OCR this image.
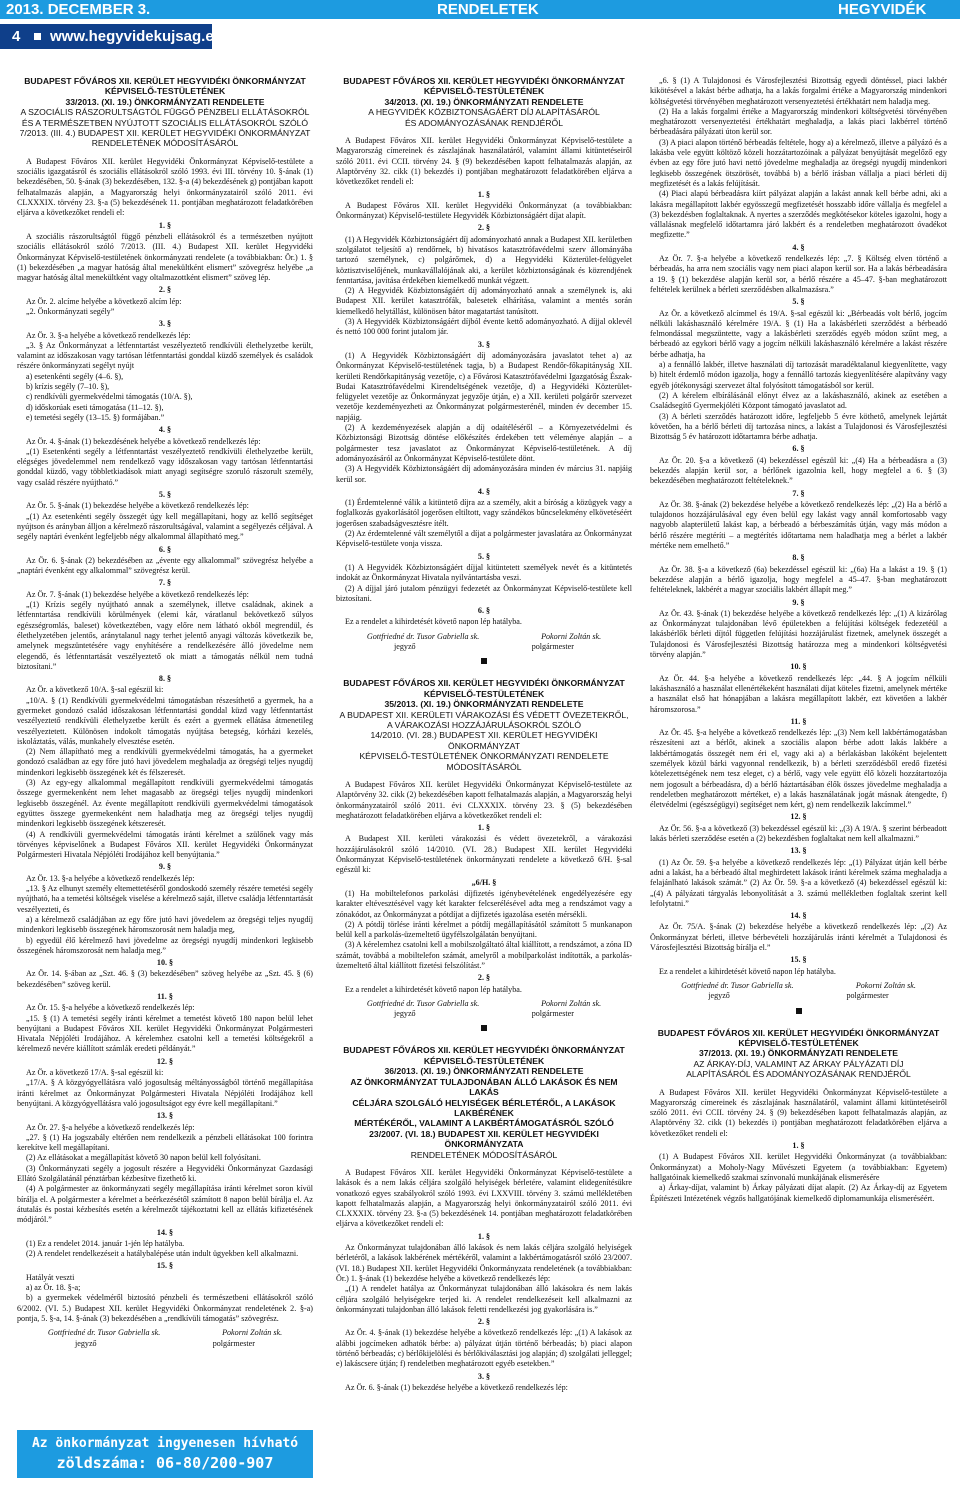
2013. DECEMBER 3.	RENDELETEK	HEGYVIDÉK
4 www.hegyvidekujsag.eu
BUDAPEST FŐVÁROS XII. KERÜLET HEGYVIDÉKI ÖNKORMÁNYZAT
KÉPVISELŐ-TESTÜLETÉNEK
33/2013. (XI. 19.) ÖNKORMÁNYZATI RENDELETE
A SZOCIÁLIS RÁSZORULTSÁGTÓL FÜGGŐ PÉNZBELI ELLÁTÁSOKRÓL
ÉS A TERMÉSZETBEN NYÚJTOTT SZOCIÁLIS ELLÁTÁSOKRÓL SZÓLÓ
7/2013. (III. 4.) BUDAPEST XII. KERÜLET HEGYVIDÉKI ÖNKORMÁNYZAT
RENDELETÉNEK MÓDOSÍTÁSÁRÓL

A Budapest Főváros XII. kerület Hegyvidéki Önkormányzat Képviselő-testülete a szociális igazgatásról és szociális ellátásokról szóló 1993. évi III. törvény 10. §-ának (1) bekezdésében, 50. §-ának (3) bekezdésében, 132. §-a (4) bekezdésének g) pontjában kapott felhatalmazás alapján, a Magyarország helyi önkormányzatairól szóló 2011. évi CLXXXIX. törvény 23. §-a (5) bekezdésének 11. pontjában meghatározott feladatkörében eljárva a következőket rendeli el:

1. §

A szociális rászorultságtól függő pénzbeli ellátásokról és a természetben nyújtott szociális ellátásokról szóló 7/2013. (III. 4.) Budapest XII. kerület Hegyvidéki Önkormányzat Képviselő-testületének önkormányzati rendelete (a továbbiakban: Ör.) 1. § (1) bekezdésében „a magyar hatóság által menekültként elismert” szövegrész helyébe „a magyar hatóság által menekültként vagy oltalmazottként elismert” szöveg lép.

2. §

Az Ör. 2. alcíme helyébe a következő alcím lép:

„2. Önkormányzati segély”

3. §

Az Ör. 3. §-a helyébe a következő rendelkezés lép:

„3. § Az Önkormányzat a létfenntartást veszélyeztető rendkívüli élethelyzetbe került, valamint az időszakosan vagy tartósan létfenntartási gonddal küzdő személyek és családok részére önkormányzati segélyt nyújt

a) esetenkénti segély (4–6. §),

b) krízis segély (7–10. §),

c) rendkívüli gyermekvédelmi támogatás (10/A. §),

d) időskorúak eseti támogatása (11–12. §),

e) temetési segély (13–15. §) formájában.”

4. §

Az Ör. 4. §-ának (1) bekezdésének helyébe a következő rendelkezés lép:

„(1) Esetenkénti segély a létfenntartást veszélyeztető rendkívüli élethelyzetbe került, elégséges jövedelemmel nem rendelkező vagy időszakosan vagy tartósan létfenntartási gonddal küzdő, vagy többletkiadások miatt anyagi segítségre szoruló rászorult személy, vagy család részére nyújtható.”

5. §

Az Ör. 5. §-ának (1) bekezdése helyébe a következő rendelkezés lép:

„(1) Az esetenkénti segély összegét úgy kell megállapítani, hogy az kellő segítséget nyújtson és arányban álljon a kérelmező rászorultságával, valamint a segélyezés céljával. A segély naptári évenként legfeljebb négy alkalommal állapítható meg.”

6. §

Az Ör. 6. §-ának (2) bekezdésében az „évente egy alkalommal” szövegrész helyébe a „naptári évenként egy alkalommal” szövegrész kerül.

7. §

Az Ör. 7. §-ának (1) bekezdése helyébe a következő rendelkezés lép:

„(1) Krízis segély nyújtható annak a személynek, illetve családnak, akinek a létfenntartása rendkívüli körülmények (elemi kár, váratlanul bekövetkező súlyos egészségromlás, baleset) következtében, vagy előre nem látható okból megrendül, és élethelyzetében jelentős, aránytalanul nagy terhet jelentő anyagi változás következik be, amelynek megszüntetésére vagy enyhítésére a rendelkezésére álló jövedelme nem elegendő, és létfenntartását veszélyeztető ok miatt a támogatás nélkül nem tudná biztosítani.”

8. §

Az Ör. a következő 10/A. §-sal egészül ki:

„10/A. § (1) Rendkívüli gyermekvédelmi támogatásban részesíthető a gyermek, ha a gyermeket gondozó család időszakosan létfenntartási gonddal küzd vagy létfenntartást veszélyeztető rendkívüli élethelyzetbe került és ezért a gyermek ellátása átmenetileg veszélyeztetett. Különösen indokolt támogatás nyújtása betegség, kórházi kezelés, iskoláztatás, válás, munkahely elvesztése esetén.

(2) Nem állapítható meg a rendkívüli gyermekvédelmi támogatás, ha a gyermeket gondozó családban az egy főre jutó havi jövedelem meghaladja az öregségi teljes nyugdíj mindenkori legkisebb összegének két és félszeresét.

(3) Az egy-egy alkalommal megállapított rendkívüli gyermekvédelmi támogatás összege gyermekenként nem lehet magasabb az öregségi teljes nyugdíj mindenkori legkisebb összegénél. Az évente megállapított rendkívüli gyermekvédelmi támogatások együttes összege gyermekenként nem haladhatja meg az öregségi teljes nyugdíj mindenkori legkisebb összegének kétszeresét.

(4) A rendkívüli gyermekvédelmi támogatás iránti kérelmet a szülőnek vagy más törvényes képviselőnek a Budapest Főváros XII. kerület Hegyvidéki Önkormányzat Polgármesteri Hivatala Népjóléti Irodájához kell benyújtania.”

9. §

Az Ör. 13. §-a helyébe a következő rendelkezés lép:

„13. § Az elhunyt személy eltemettetéséről gondoskodó személy részére temetési segély nyújtható, ha a temetési költségek viselése a kérelmező saját, illetve családja létfenntartását veszélyezteti, és

a) a kérelmező családjában az egy főre jutó havi jövedelem az öregségi teljes nyugdíj mindenkori legkisebb összegének háromszorosát nem haladja meg,

b) egyedül élő kérelmező havi jövedelme az öregségi nyugdíj mindenkori legkisebb összegének háromszorosát nem haladja meg.”

10. §

Az Ör. 14. §-ában az „Szt. 46. § (3) bekezdésében” szöveg helyébe az „Szt. 45. § (6) bekezdésében” szöveg kerül.

11. §

Az Ör. 15. §-a helyébe a következő rendelkezés lép:

„15. § (1) A temetési segély iránti kérelmet a temetést követő 180 napon belül lehet benyújtani a Budapest Főváros XII. kerület Hegyvidéki Önkormányzat Polgármesteri Hivatala Népjóléti Irodájához. A kérelemhez csatolni kell a temetési költségekről a kérelmező nevére kiállított számlák eredeti példányát.”

12. §

Az Ör. a következő 17/A. §-sal egészül ki:

„17/A. § A közgyógyellátásra való jogosultság méltányosságból történő megállapítása iránti kérelmet az Önkormányzat Polgármesteri Hivatala Népjóléti Irodájához kell benyújtani. A közgyógyellátásra való jogosultságot egy évre kell megállapítani.”

13. §

Az Ör. 27. §-a helyébe a következő rendelkezés lép:

„27. § (1) Ha jogszabály eltérően nem rendelkezik a pénzbeli ellátásokat 100 forintra kerekítve kell megállapítani.

(2) Az ellátásokat a megállapítást követő 30 napon belül kell folyósítani.

(3) Önkormányzati segély a jogosult részére a Hegyvidéki Önkormányzat Gazdasági Ellátó Szolgálatánál pénztárban kézbesítve fizethető ki.

(4) A polgármester az önkormányzati segély megállapítása iránti kérelmet soron kívül bírálja el. A polgármester a kérelmet a beérkezésétől számított 8 napon belül bírálja el. Az átutalás és postai kézbesítés esetén a kérelmezőt tájékoztatni kell az ellátás kifizetésének módjáról.”

14. §

(1) Ez a rendelet 2014. január 1-jén lép hatályba.

(2) A rendelet rendelkezéseit a hatálybalépése után indult ügyekben kell alkalmazni.

15. §

Hatályát veszti

a) az Ör. 18. §-a;

b) a gyermekek védelméről biztosító pénzbeli és természetbeni ellátásokról szóló 6/2002. (VI. 5.) Budapest XII. kerület Hegyvidéki Önkormányzat rendeletének 2. §-a) pontja, 5. §-a, 14. §-ának (3) bekezdésében a „rendkívüli támogatás” szövegrész.

Gottfriedné dr. Tusor Gabriella sk.	Pokorni Zoltán sk.
jegyző	polgármester
Az önkormányzat ingyenesen hívható
zöldszáma: 06-80/200-907
BUDAPEST FŐVÁROS XII. KERÜLET HEGYVIDÉKI ÖNKORMÁNYZAT
KÉPVISELŐ-TESTÜLETÉNEK
34/2013. (XI. 19.) ÖNKORMÁNYZATI RENDELETE
A HEGYVIDÉK KÖZBIZTONSÁGÁÉRT DÍJ ALAPÍTÁSÁRÓL
ÉS ADOMÁNYOZÁSÁNAK RENDJÉRŐL

A Budapest Főváros XII. kerület Hegyvidéki Önkormányzat Képviselő-testülete a Magyarország címereinek és zászlajának használatáról, valamint állami kitüntetéseiről szóló 2011. évi CCII. törvény 24. § (9) bekezdésében kapott felhatalmazás alapján, az Alaptörvény 32. cikk (1) bekezdés i) pontjában meghatározott feladatkörében eljárva a következőket rendeli el:

1. §

A Budapest Főváros XII. kerület Hegyvidéki Önkormányzat (a továbbiakban: Önkormányzat) Képviselő-testülete Hegyvidék Közbiztonságáért díjat alapít.

2. §

(1) A Hegyvidék Közbiztonságáért díj adományozható annak a Budapest XII. kerületben szolgálatot teljesítő a) rendőrnek, b) hivatásos katasztrófavédelmi szerv állományába tartozó személynek, c) polgárőrnek, d) a Hegyvidéki Közterület-felügyelet köztisztviselőjének, munkavállalójának aki, a kerület közbiztonságának és közrendjének fenntartása, javítása érdekében kiemelkedő munkát végzett.

(2) A Hegyvidék Közbiztonságáért díj adományozható annak a személynek is, aki Budapest XII. kerület katasztrófák, balesetek elhárítása, valamint a mentés során kiemelkedő helytállást, különösen bátor magatartást tanúsított.

(3) A Hegyvidék Közbiztonságáért díjból évente kettő adományozható. A díjjal oklevél és nettó 100 000 forint jutalom jár.

3. §

(1) A Hegyvidék Közbiztonságáért díj adományozására javaslatot tehet a) az Önkormányzat Képviselő-testületének tagja, b) a Budapest Rendőr-főkapitányság XII. kerületi Rendőrkapitányság vezetője, c) a Fővárosi Katasztrófavédelmi Igazgatóság Észak-Budai Katasztrófavédelmi Kirendeltségének vezetője, d) a Hegyvidéki Közterület-felügyelet vezetője az Önkormányzat jegyzője útján, e) a XII. kerületi polgárőr szervezet vezetője kezdeményezheti az Önkormányzat polgármesterénél, minden év december 15. napjáig.

(2) A kezdeményezések alapján a díj odaítéléséről – a Környezetvédelmi és Közbiztonsági Bizottság döntése előkészítés érdekében tett véleménye alapján – a polgármester tesz javaslatot az Önkormányzat Képviselő-testületének. A díj adományozásáról az Önkormányzat Képviselő-testülete dönt.

(3) A Hegyvidék Közbiztonságáért díj adományozására minden év március 31. napjáig kerül sor.

4. §

(1) Érdemtelenné válik a kitüntető díjra az a személy, akit a bíróság a közügyek vagy a foglalkozás gyakorlásától jogerősen eltiltott, vagy szándékos bűncselekmény elkövetéséért jogerősen szabadságvesztésre ítélt.

(2) Az érdemtelenné vált személytől a díjat a polgármester javaslatára az Önkormányzat Képviselő-testülete vonja vissza.

5. §

(1) A Hegyvidék Közbiztonságáért díjjal kitüntetett személyek nevét és a kitüntetés indokát az Önkormányzat Hivatala nyilvántartásba veszi.

(2) A díjjal járó jutalom pénzügyi fedezetét az Önkormányzat Képviselő-testülete kell biztosítani.

6. §

Ez a rendelet a kihirdetését követő napon lép hatályba.

Gottfriedné dr. Tusor Gabriella sk.	Pokorni Zoltán sk.
jegyző	polgármester
BUDAPEST FŐVÁROS XII. KERÜLET HEGYVIDÉKI ÖNKORMÁNYZAT
KÉPVISELŐ-TESTÜLETÉNEK
35/2013. (XI. 19.) ÖNKORMÁNYZATI RENDELETE
A BUDAPEST XII. KERÜLETI VÁRAKOZÁSI ÉS VÉDETT ÖVEZETEKRŐL,
A VÁRAKOZÁSI HOZZÁJÁRULÁSOKRÓL SZÓLÓ
14/2010. (VI. 28.) BUDAPEST XII. KERÜLET HEGYVIDÉKI ÖNKORMÁNYZAT
KÉPVISELŐ-TESTÜLETÉNEK ÖNKORMÁNYZATI RENDELETE MÓDOSÍTÁSÁRÓL

A Budapest Főváros XII. kerület Hegyvidéki Önkormányzat Képviselő-testülete az Alaptörvény 32. cikk (2) bekezdésében kapott felhatalmazás alapján, a Magyarország helyi önkormányzatairól szóló 2011. évi CLXXXIX. törvény 23. § (5) bekezdésében meghatározott feladatkörében eljárva a következőket rendeli el:

1. §

A Budapest XII. kerületi várakozási és védett övezetekről, a várakozási hozzájárulásokról szóló 14/2010. (VI. 28.) Budapest XII. kerület Hegyvidéki Önkormányzat Képviselő-testületének önkormányzati rendelete a következő 6/H. §-sal egészül ki:

„6/H. §

(1) Ha mobiltelefonos parkolási díjfizetés igénybevételének engedélyezésére egy karakter eltévesztésével vagy két karakter felcserélésével adta meg a rendszámot vagy a zónakódot, az Önkormányzat a pótdíjat a díjfizetés igazolása esetén mérsékli.

(2) A pótdíj törlése iránti kérelmet a pótdíj megállapításától számított 5 munkanapon belül kell a parkolás-üzemeltető ügyfélszolgálatán benyújtani.

(3) A kérelemhez csatolni kell a mobilszolgáltató által kiállított, a rendszámot, a zóna ID számát, továbbá a mobiltelefon számát, amelyről a mobilparkolást indították, a parkolás-üzemeltető által kiállított fizetési felszólítást.”

2. §

Ez a rendelet a kihirdetését követő napon lép hatályba.

Gottfriedné dr. Tusor Gabriella sk.	Pokorni Zoltán sk.
jegyző	polgármester
BUDAPEST FŐVÁROS XII. KERÜLET HEGYVIDÉKI ÖNKORMÁNYZAT
KÉPVISELŐ-TESTÜLETÉNEK
36/2013. (XI. 19.) ÖNKORMÁNYZATI RENDELETE
AZ ÖNKORMÁNYZAT TULAJDONÁBAN ÁLLÓ LAKÁSOK ÉS NEM LAKÁS
CÉLJÁRA SZOLGÁLÓ HELYISÉGEK BÉRLETÉRŐL, A LAKÁSOK LAKBÉRÉNEK
MÉRTÉKÉRŐL, VALAMINT A LAKBÉRTÁMOGATÁSRÓL SZÓLÓ
23/2007. (VI. 18.) BUDAPEST XII. KERÜLET HEGYVIDÉKI ÖNKORMÁNYZATA
RENDELETÉNEK MÓDOSÍTÁSÁRÓL

A Budapest Főváros XII. kerület Hegyvidéki Önkormányzat Képviselő-testülete a lakások és a nem lakás céljára szolgáló helyiségek bérletére, valamint elidegenítésükre vonatkozó egyes szabályokról szóló 1993. évi LXXVIII. törvény 3. számú mellékletében kapott felhatalmazás alapján, a Magyarország helyi önkormányzatairól szóló 2011. évi CLXXXIX. törvény 23. §-a (5) bekezdésének 14. pontjában meghatározott feladatkörében eljárva a következőket rendeli el:

1. §

Az Önkormányzat tulajdonában álló lakások és nem lakás céljára szolgáló helyiségek bérletéről, a lakások lakbérének mértékéről, valamint a lakbértámogatásról szóló 23/2007. (VI. 18.) Budapest XII. kerület Hegyvidéki Önkormányzata rendeletének (a továbbiakban: Ör.) 1. §-ának (1) bekezdése helyébe a következő rendelkezés lép:

„(1) A rendelet hatálya az Önkormányzat tulajdonában álló lakásokra és nem lakás céljára szolgáló helyiségekre terjed ki. A rendelet rendelkezéseit kell alkalmazni az önkormányzati tulajdonban álló lakások feletti rendelkezési jog gyakorlására is.”

2. §

Az Ör. 4. §-ának (1) bekezdése helyébe a következő rendelkezés lép: „(1) A lakások az alábbi jogcímeken adhatók bérbe: a) pályázat útján történő bérbeadás; b) piaci alapon történő bérbeadás; c) bérlőkijelölési és bérlőkiválasztási jog alapján; d) szolgálati jelleggel; e) lakáscsere útján; f) rendeletben meghatározott egyéb esetekben.”

3. §

Az Ör. 6. §-ának (1) bekezdése helyébe a következő rendelkezés lép:

„6. § (1) A Tulajdonosi és Városfejlesztési Bizottság egyedi döntéssel, piaci lakbér kikötésével a lakást bérbe adhatja, ha a lakás forgalmi értéke a Magyarország mindenkori költségvetési törvényében meghatározott versenyeztetési értékhatárt nem haladja meg.

(2) Ha a lakás forgalmi értéke a Magyarország mindenkori költségvetési törvényében meghatározott versenyeztetési értékhatárt meghaladja, a lakás piaci lakbérrel történő bérbeadására pályázati úton kerül sor.

(3) A piaci alapon történő bérbeadás feltétele, hogy a) a kérelmező, illetve a pályázó és a lakásba vele együtt költöző közeli hozzátartozóinak a pályázat benyújtását megelőző egy évben az egy főre jutó havi nettó jövedelme meghaladja az öregségi nyugdíj mindenkori legkisebb összegének ötszörösét, továbbá b) a bérlő írásban vállalja a piaci bérleti díj megfizetését és a lakás felújítását.

(4) Piaci alapú bérbeadásra kiírt pályázat alapján a lakást annak kell bérbe adni, aki a lakásra megállapított lakbér egyösszegű megfizetését hosszabb időre vállalja és megfelel a (3) bekezdésben foglaltaknak. A nyertes a szerződés megkötésekor köteles igazolni, hogy a vállalásnak megfelelő időtartamra járó lakbért és a rendeletben meghatározott óvadékot megfizette.”

4. §

Az Ör. 7. §-a helyébe a következő rendelkezés lép: „7. § Költség elven történő a bérbeadás, ha arra nem szociális vagy nem piaci alapon kerül sor. Ha a lakás bérbeadására a 19. § (1) bekezdése alapján kerül sor, a bérlő részére a 45–47. §-ban meghatározott feltételek kerülnek a bérleti szerződésben alkalmazásra.”

5. §

Az Ör. a következő alcímmel és 19/A. §-sal egészül ki: „Bérbeadás volt bérlő, jogcím nélküli lakáshasználó kérelmére 19/A. § (1) Ha a lakásbérleti szerződést a bérbeadó felmondással megszüntette, vagy a lakásbérleti szerződés egyéb módon szűnt meg, a bérbeadó az egykori bérlő vagy a jogcím nélküli lakáshasználó kérelmére a lakást részére bérbe adhatja, ha

a) a fennálló lakbér, illetve használati díj tartozását maradéktalanul kiegyenlítette, vagy b) hitelt érdemlő módon igazolja, hogy a fennálló tartozás kiegyenlítésére alapítvány vagy egyéb jótékonysági szervezet által folyósított támogatásból sor kerül.

(2) A kérelem elbírálásánál előnyt élvez az a lakáshasználó, akinek az esetében a Családsegítő Gyermekjóléti Központ támogató javaslatot ad.

(3) A bérleti szerződés határozott időre, legfeljebb 5 évre köthető, amelynek lejártát követően, ha a bérlő bérleti díj tartozása nincs, a lakást a Tulajdonosi és Városfejlesztési Bizottság 5 év határozott időtartamra bérbe adhatja.

6. §

Az Ör. 20. §-a a következő (4) bekezdéssel egészül ki: „(4) Ha a bérbeadásra a (3) bekezdés alapján kerül sor, a bérlőnek igazolnia kell, hogy megfelel a 6. § (3) bekezdésében meghatározott feltételeknek.”

7. §

Az Ör. 38. §-ának (2) bekezdése helyébe a következő rendelkezés lép: „(2) Ha a bérlő a tulajdonos hozzájárulásával egy éven belül egy lakást vagy annál komfortosabb vagy nagyobb alapterületű lakást kap, a bérbeadó a bérbeszámítás útján, vagy más módon a bérlő részére megtéríti – a megtérítés időtartama nem haladhatja meg a bérlet a lakbér mértéke nem emelhető.”

8. §

Az Ör. 38. §-a a következő (6a) bekezdéssel egészül ki: „(6a) Ha a lakást a 19. § (1) bekezdése alapján a bérlő igazolja, hogy megfelel a 45–47. §-ban meghatározott feltételeknek, lakbérét a magyar szociális lakbért állapít meg.”

9. §

Az Ör. 43. §-ának (1) bekezdése helyébe a következő rendelkezés lép: „(1) A kizárólag az Önkormányzat tulajdonában lévő épületekben a felújítási költségek fedezetéül a lakásbérlők bérleti díjtól független felújítási hozzájárulást fizetnek, amelynek összegét a Tulajdonosi és Városfejlesztési Bizottság határozza meg a mindenkori költségvetési törvény alapján.”

10. §

Az Ör. 44. §-a helyébe a következő rendelkezés lép: „44. § A jogcím nélküli lakáshasználó a használat ellenértékeként használati díjat köteles fizetni, amelynek mértéke a használat első hat hónapjában a lakásra megállapított lakbér, ezt követően a lakbér háromszorosa.”

11. §

Az Ör. 45. §-a helyébe a következő rendelkezés lép: „(3) Nem kell lakbértámogatásban részesíteni azt a bérlőt, akinek a szociális alapon bérbe adott lakás lakbére a lakbértámogatás összegét nem éri el, vagy aki a) a bérlakásban lakóként bejelentett személyek közül bárki vagyonnal rendelkezik, b) a bérleti szerződésből eredő fizetési kötelezettségének nem tesz eleget, c) a bérlő, vagy vele együtt élő közeli hozzátartozója nem jogosult a bérbeadásra, d) a bérlő háztartásában élők összes jövedelme meghaladja a rendeletben meghatározott mértéket, e) a lakás használatának jogát másnak átengedte, f) életvédelmi (egészségügyi) segítséget nem kért, g) nem rendelkezik lakcímmel.”

12. §

Az Ör. 56. §-a a következő (3) bekezdéssel egészül ki: „(3) A 19/A. § szerint bérbeadott lakás bérleti szerződése esetén a (2) bekezdésben foglaltakat nem kell alkalmazni.”

13. §

(1) Az Ör. 59. §-a helyébe a következő rendelkezés lép: „(1) Pályázat útján kell bérbe adni a lakást, ha a bérbeadó által meghirdetett lakások iránti kérelmek száma meghaladja a felajánlható lakások számát.” (2) Az Ör. 59. §-a a következő (4) bekezdéssel egészül ki: „(4) A pályázati tárgyalás lebonyolítását a 3. számú mellékletben foglaltak szerint kell lefolytatni.”

14. §

Az Ör. 75/A. §-ának (2) bekezdése helyébe a következő rendelkezés lép: „(2) Az Önkormányzat bérleti, illetve bérbevételi hozzájárulás iránti kérelmét a Tulajdonosi és Városfejlesztési Bizottság bírálja el.”

15. §

Ez a rendelet a kihirdetését követő napon lép hatályba.

Gottfriedné dr. Tusor Gabriella sk.	Pokorni Zoltán sk.
jegyző	polgármester
BUDAPEST FŐVÁROS XII. KERÜLET HEGYVIDÉKI ÖNKORMÁNYZAT
KÉPVISELŐ-TESTÜLETÉNEK
37/2013. (XI. 19.) ÖNKORMÁNYZATI RENDELETE
AZ ÁRKAY-DÍJ, VALAMINT AZ ÁRKAY PÁLYÁZATI DÍJ
ALAPÍTÁSÁRÓL ÉS ADOMÁNYOZÁSÁNAK RENDJÉRŐL

A Budapest Főváros XII. kerület Hegyvidéki Önkormányzat Képviselő-testülete a Magyarország címereinek és zászlajának használatáról, valamint állami kitüntetéseiről szóló 2011. évi CCII. törvény 24. § (9) bekezdésében kapott felhatalmazás alapján, az Alaptörvény 32. cikk (1) bekezdés i) pontjában meghatározott feladatkörében eljárva a következőket rendeli el:

1. §

(1) A Budapest Főváros XII. kerület Hegyvidéki Önkormányzat (a továbbiakban: Önkormányzat) a Moholy-Nagy Művészeti Egyetem (a továbbiakban: Egyetem) hallgatóinak kiemelkedő szakmai színvonalú munkájának elismerésére

a) Árkay-díjat, valamint b) Árkay pályázati díjat alapít. (2) Az Árkay-díj az Egyetem Építészeti Intézetének végzős hallgatójának kiemelkedő diplomamunkája elismeréséért.
